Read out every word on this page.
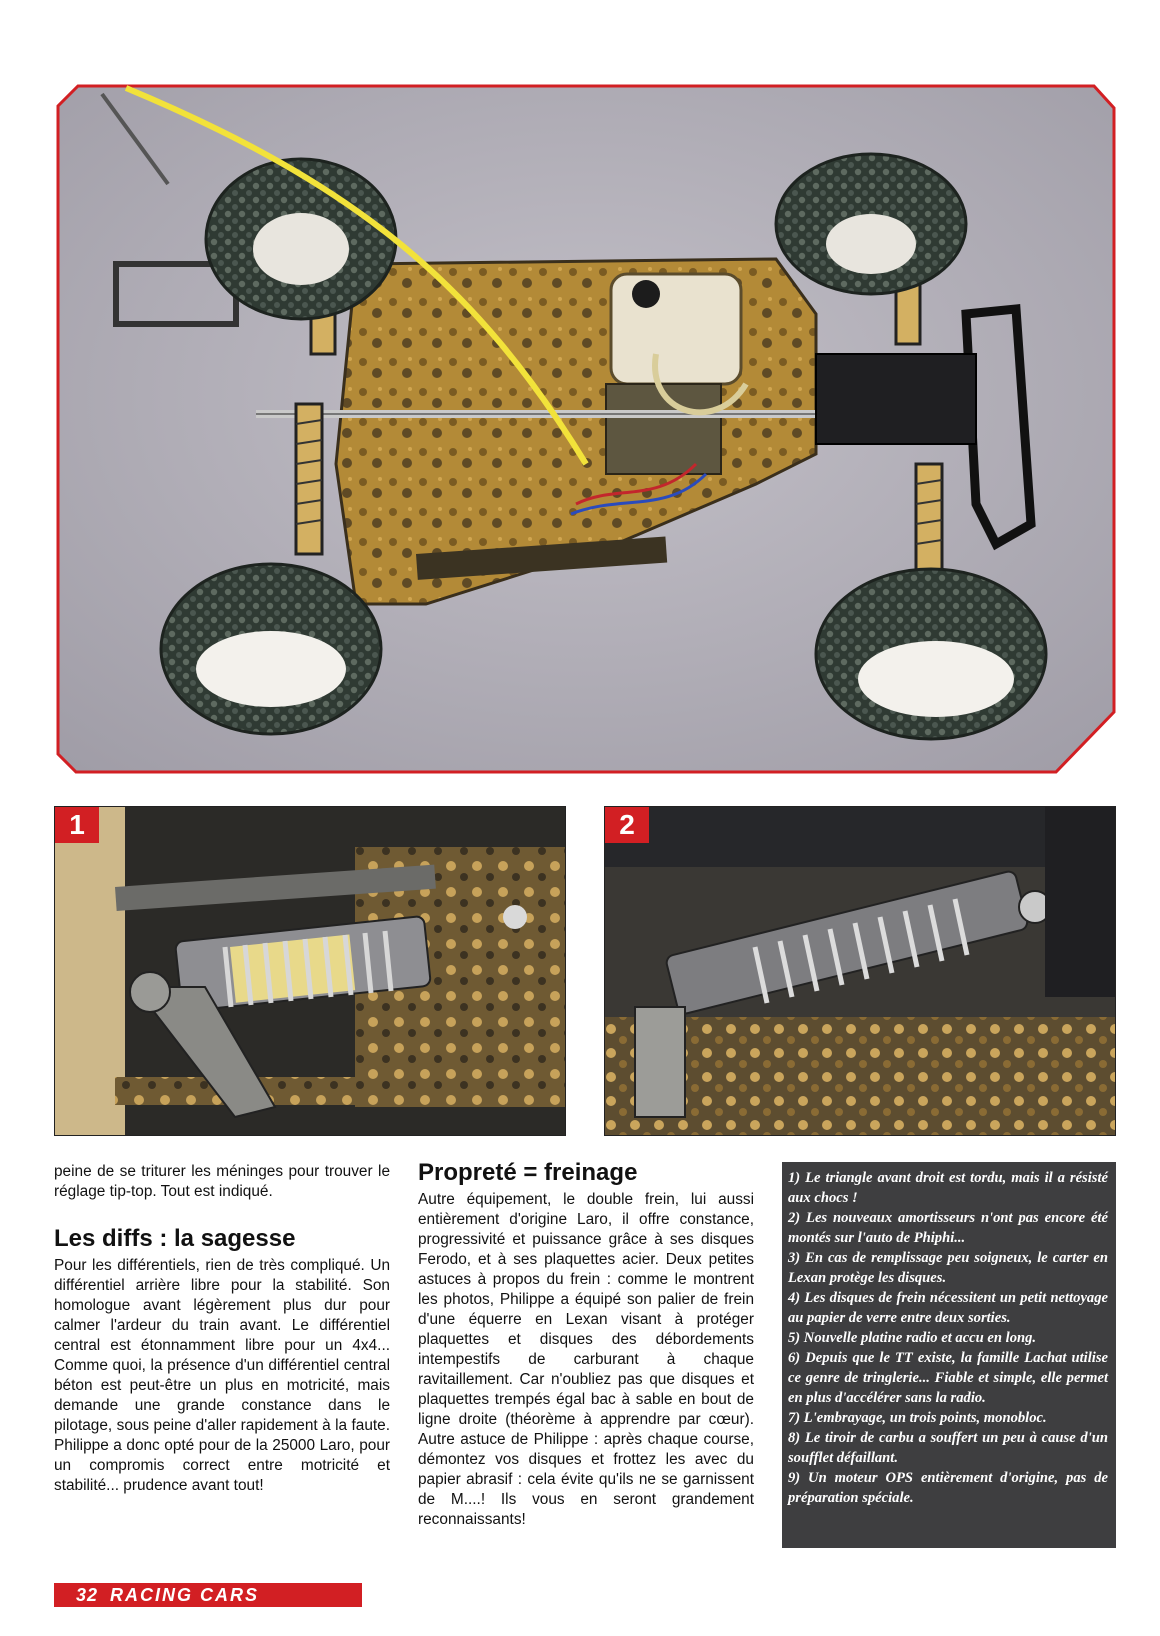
1	2

peine de se triturer les méninges pour trouver le réglage tip-top. Tout est indiqué.

Les diffs : la sagesse

Pour les différentiels, rien de très compliqué. Un différentiel arrière libre pour la stabilité. Son homologue avant légèrement plus dur pour calmer l'ardeur du train avant. Le différentiel central est étonnamment libre pour un 4x4... Comme quoi, la présence d'un différentiel central béton est peut-être un plus en motricité, mais demande une grande constance dans le pilotage, sous peine d'aller rapidement à la faute. Philippe a donc opté pour de la 25000 Laro, pour un compromis correct entre motricité et stabilité... prudence avant tout!

Propreté = freinage

Autre équipement, le double frein, lui aussi entièrement d'origine Laro, il offre constance, progressivité et puissance grâce à ses disques Ferodo, et à ses plaquettes acier. Deux petites astuces à propos du frein : comme le montrent les photos, Philippe a équipé son palier de frein d'une équerre en Lexan visant à protéger plaquettes et disques des débordements intempestifs de carburant à chaque ravitaillement. Car n'oubliez pas que disques et plaquettes trempés égal bac à sable en bout de ligne droite (théorème à apprendre par cœur). Autre astuce de Philippe : après chaque course, démontez vos disques et frottez les avec du papier abrasif : cela évite qu'ils ne se garnissent de M....! Ils vous en seront grandement reconnaissants!

1) Le triangle avant droit est tordu, mais il a résisté aux chocs !

2) Les nouveaux amortisseurs n'ont pas encore été montés sur l'auto de Phiphi...

3) En cas de remplissage peu soigneux, le carter en Lexan protège les disques.

4) Les disques de frein nécessitent un petit nettoyage au papier de verre entre deux sorties.

5) Nouvelle platine radio et accu en long.

6) Depuis que le TT existe, la famille Lachat utilise ce genre de tringlerie... Fiable et simple, elle permet en plus d'accélérer sans la radio.

7) L'embrayage, un trois points, monobloc.

8) Le tiroir de carbu a souffert un peu à cause d'un soufflet défaillant.

9) Un moteur OPS entièrement d'origine, pas de préparation spéciale.

32 RACING CARS
